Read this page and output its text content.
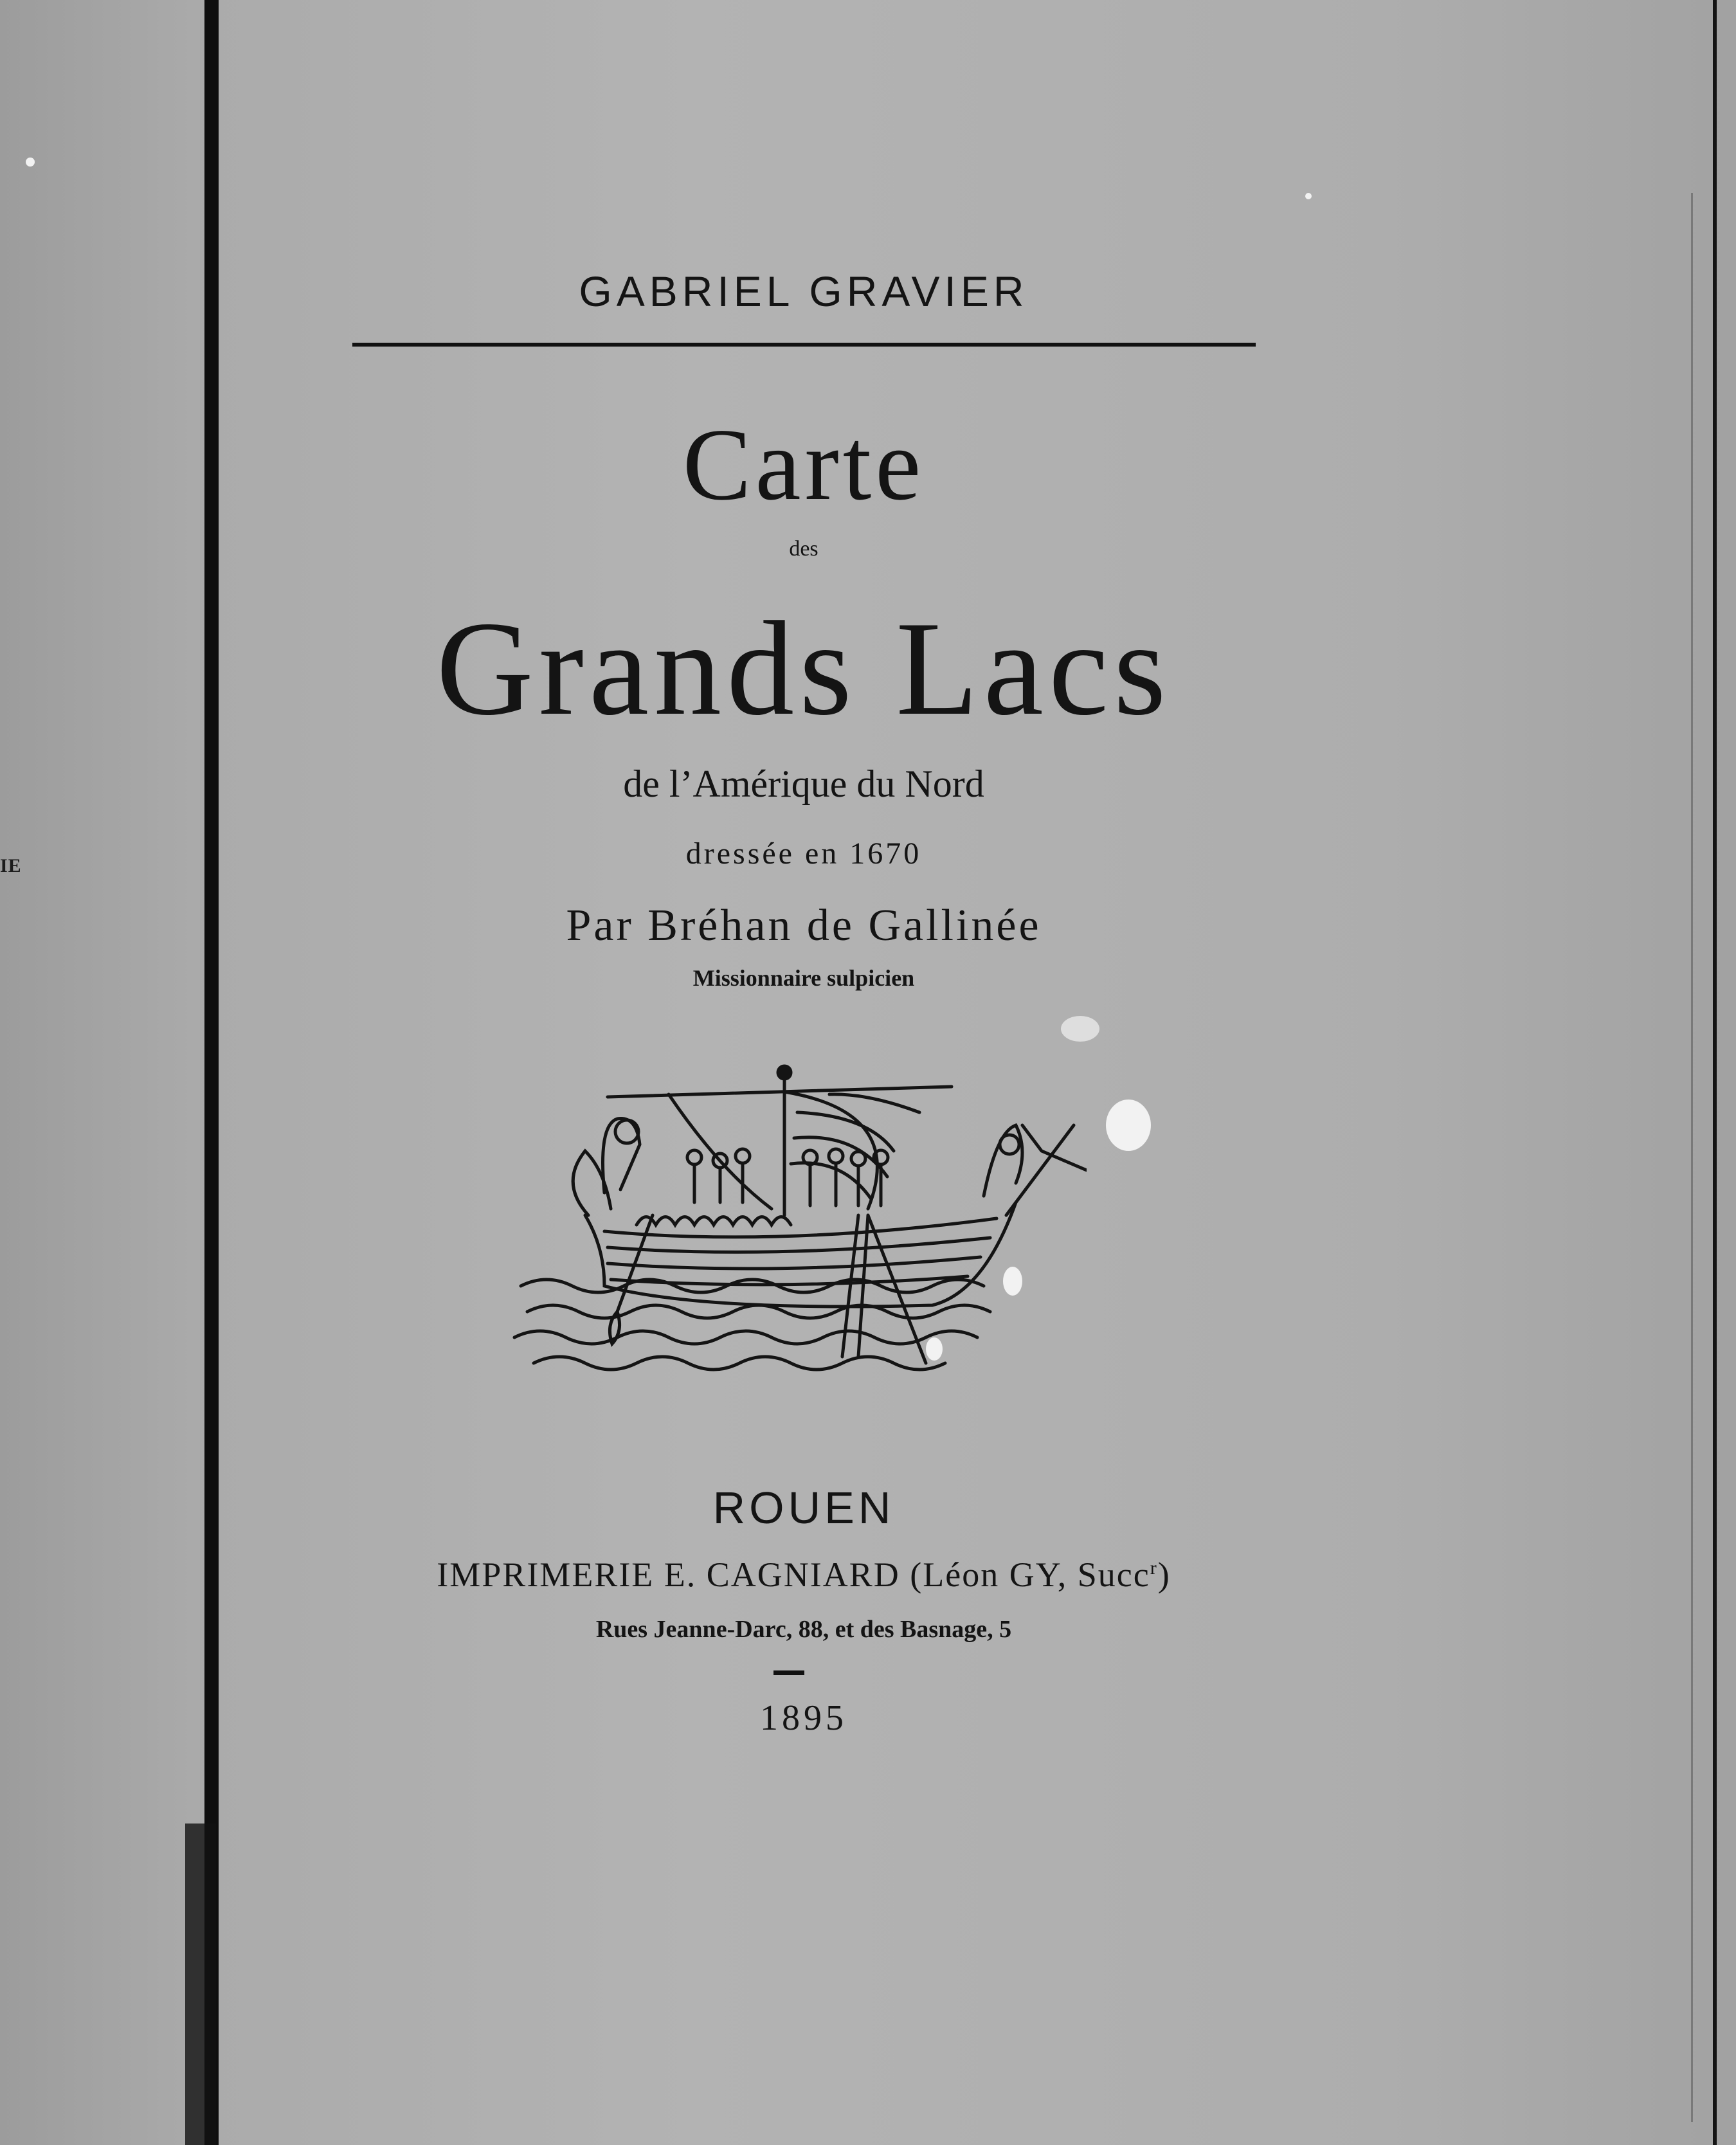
IE
GABRIEL GRAVIER
Carte
des
Grands Lacs
de l’Amérique du Nord
dressée en 1670
Par Bréhan de Gallinée
Missionnaire sulpicien
ROUEN
IMPRIMERIE E. CAGNIARD (Léon GY, Succ$^r$)
Rues Jeanne-Darc, 88, et des Basnage, 5
1895
